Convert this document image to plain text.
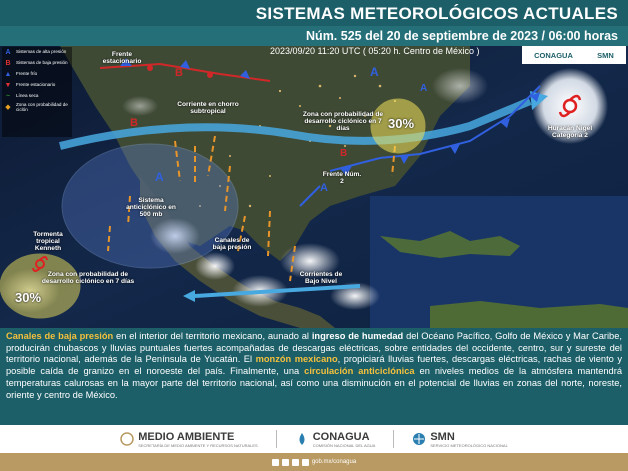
SISTEMAS METEOROLÓGICOS ACTUALES
Núm. 525 del 20 de septiembre de 2023 / 06:00 horas
A
A
A
B
B
B
A
Frente estacionario
Corriente en chorro subtropical	Zona con probabilidad de desarrollo ciclónico en 7 días	30%	Huracán Nigel Categoría 2
Frente Núm. 2
Sistema anticiclónico en 500 mb
Canales de baja presión
Tormenta tropical Kenneth
Zona con probabilidad de desarrollo ciclónico en 7 días
30%
Corrientes de Bajo Nivel
2023/09/20 11:20 UTC ( 05:20 h. Centro de México )	CONAGUA	SMN
A	Sistemas de alta presión
B	Sistemas de baja presión
▲ Frente frío
▼ Frente estacionario
~	Línea seca
◆	Zona con probabilidad de ciclón
Canales de baja presión en el interior del territorio mexicano, aunado al ingreso de humedad del Océano Pacífico, Golfo de México y Mar Caribe, producirán chubascos y lluvias puntuales fuertes acompañadas de descargas eléctricas, sobre entidades del occidente, centro, sur y sureste del territorio nacional, además de la Península de Yucatán. El monzón mexicano, propiciará lluvias fuertes, descargas eléctricas, rachas de viento y posible caída de granizo en el noroeste del país. Finalmente, una circulación anticiclónica en niveles medios de la atmósfera mantendrá temperaturas calurosas en la mayor parte del territorio nacional, así como una disminución en el potencial de lluvias en zonas del norte, noreste, oriente y centro de México.
MEDIO AMBIENTE
SECRETARÍA DE MEDIO AMBIENTE Y RECURSOS NATURALES
CONAGUA
COMISIÓN NACIONAL DEL AGUA
SMN
SERVICIO METEOROLÓGICO NACIONAL
gob.mx/conagua
